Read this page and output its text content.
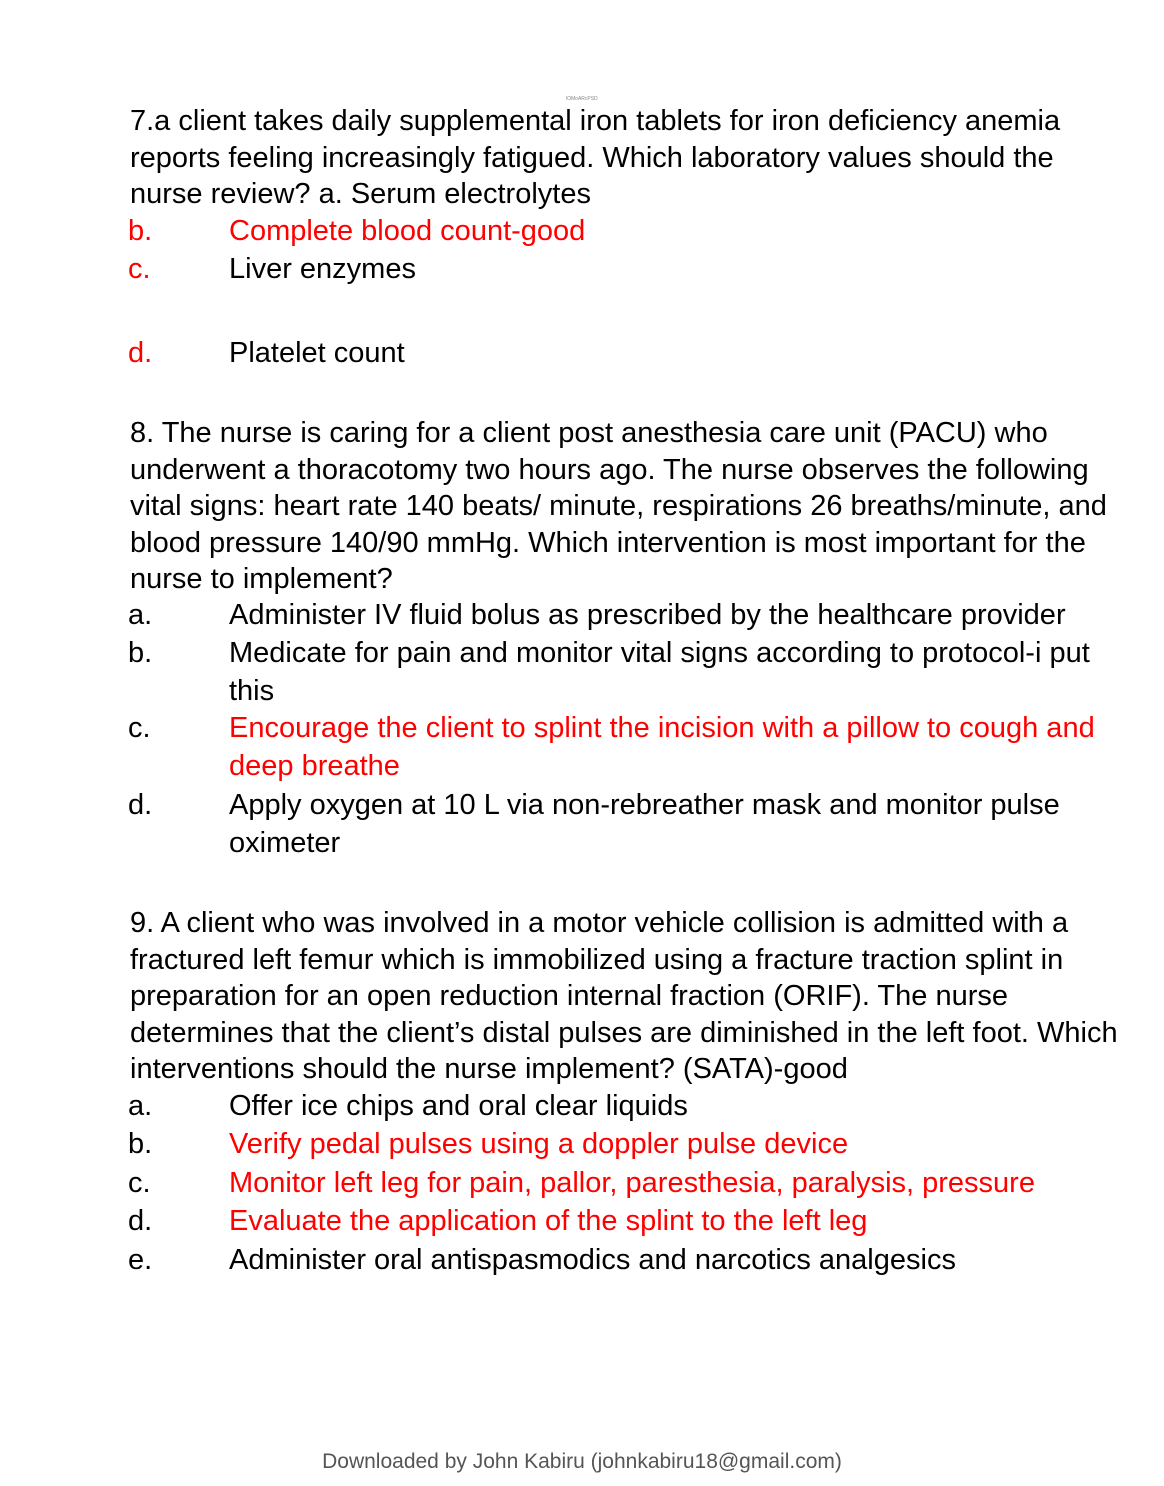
lOMoARcPSD
7.a client takes daily supplemental iron tablets for iron deficiency anemia reports feeling increasingly fatigued. Which laboratory values should the nurse review? a. Serum electrolytes
b.	Complete blood count-good
c.	Liver enzymes
d.	Platelet count
8. The nurse is caring for a client post anesthesia care unit (PACU) who underwent a thoracotomy two hours ago. The nurse observes the following vital signs: heart rate 140 beats/ minute, respirations 26 breaths/minute, and blood pressure 140/90 mmHg. Which intervention is most important for the nurse to implement?
a.	Administer IV fluid bolus as prescribed by the healthcare provider
b.	Medicate for pain and monitor vital signs according to protocol-i put this
c.	Encourage the client to splint the incision with a pillow to cough and deep breathe
d.	Apply oxygen at 10 L via non-rebreather mask and monitor pulse oximeter
9. A client who was involved in a motor vehicle collision is admitted with a fractured left femur which is immobilized using a fracture traction splint in preparation for an open reduction internal fraction (ORIF). The nurse determines that the client’s distal pulses are diminished in the left foot. Which interventions should the nurse implement? (SATA)-good
a.	Offer ice chips and oral clear liquids
b.	Verify pedal pulses using a doppler pulse device
c.	Monitor left leg for pain, pallor, paresthesia, paralysis, pressure
d.	Evaluate the application of the splint to the left leg
e.	Administer oral antispasmodics and narcotics analgesics
Downloaded by John Kabiru (johnkabiru18@gmail.com)
